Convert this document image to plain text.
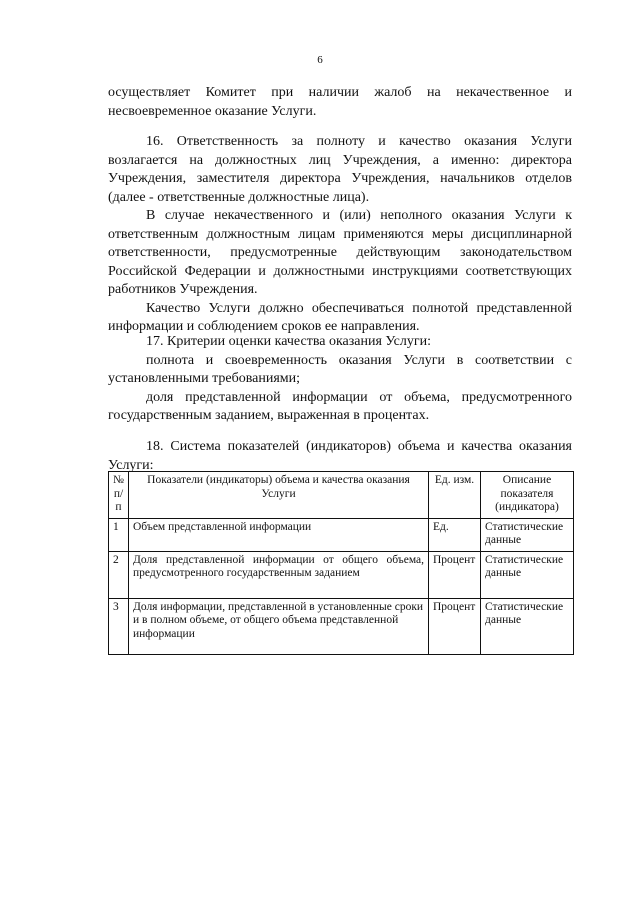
6

осуществляет Комитет при наличии жалоб на некачественное и несвоевременное оказание Услуги.

16. Ответственность за полноту и качество оказания Услуги возлагается на должностных лиц Учреждения, а именно: директора Учреждения, заместителя директора Учреждения, начальников отделов (далее - ответственные должностные лица).

В случае некачественного и (или) неполного оказания Услуги к ответственным должностным лицам применяются меры дисциплинарной ответственности, предусмотренные действующим законодательством Российской Федерации и должностными инструкциями соответствующих работников Учреждения.

Качество Услуги должно обеспечиваться полнотой представленной информации и соблюдением сроков ее направления.

17. Критерии оценки качества оказания Услуги:

полнота и своевременность оказания Услуги в соответствии с установленными требованиями;

доля представленной информации от объема, предусмотренного государственным заданием, выраженная в процентах.

18. Система показателей (индикаторов) объема и качества оказания

Услуги:

№ п/п	Показатели (индикаторы) объема и качества оказания Услуги	Ед. изм.	Описание показателя (индикатора)
1	Объем представленной информации	Ед.	Статистические данные
2	Доля представленной информации от общего объема, предусмотренного государственным заданием	Процент	Статистические данные
3	Доля информации, представленной в установленные сроки и в полном объеме, от общего объема представленной информации	Процент	Статистические данные
